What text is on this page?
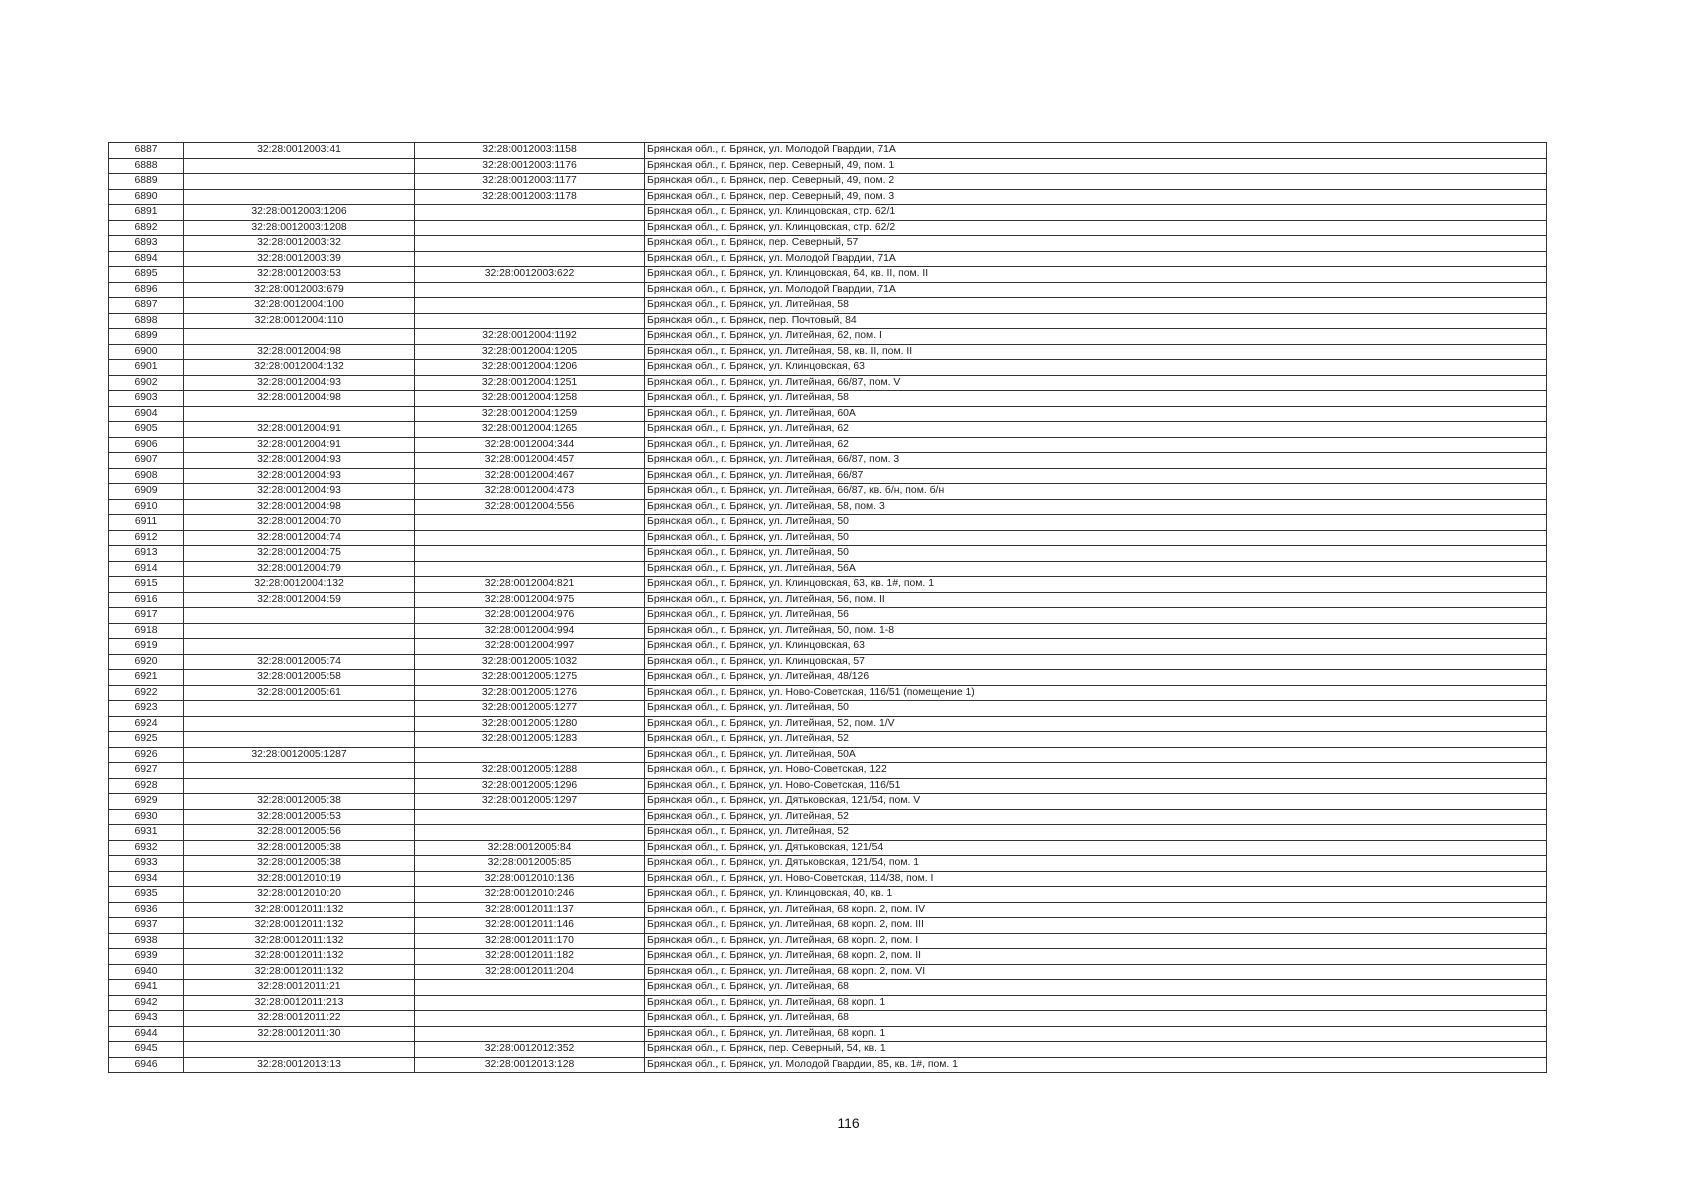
6887	32:28:0012003:41	32:28:0012003:1158	Брянская обл., г. Брянск, ул. Молодой Гвардии, 71А
6888		32:28:0012003:1176	Брянская обл., г. Брянск, пер. Северный, 49, пом. 1
6889		32:28:0012003:1177	Брянская обл., г. Брянск, пер. Северный, 49, пом. 2
6890		32:28:0012003:1178	Брянская обл., г. Брянск, пер. Северный, 49, пом. 3
6891	32:28:0012003:1206		Брянская обл., г. Брянск, ул. Клинцовская, стр. 62/1
6892	32:28:0012003:1208		Брянская обл., г. Брянск, ул. Клинцовская, стр. 62/2
6893	32:28:0012003:32		Брянская обл., г. Брянск, пер. Северный, 57
6894	32:28:0012003:39		Брянская обл., г. Брянск, ул. Молодой Гвардии, 71А
6895	32:28:0012003:53	32:28:0012003:622	Брянская обл., г. Брянск, ул. Клинцовская, 64, кв. II, пом. II
6896	32:28:0012003:679		Брянская обл., г. Брянск, ул. Молодой Гвардии, 71А
6897	32:28:0012004:100		Брянская обл., г. Брянск, ул. Литейная, 58
6898	32:28:0012004:110		Брянская обл., г. Брянск, пер. Почтовый, 84
6899		32:28:0012004:1192	Брянская обл., г. Брянск, ул. Литейная, 62, пом. I
6900	32:28:0012004:98	32:28:0012004:1205	Брянская обл., г. Брянск, ул. Литейная, 58, кв. II, пом. II
6901	32:28:0012004:132	32:28:0012004:1206	Брянская обл., г. Брянск, ул. Клинцовская, 63
6902	32:28:0012004:93	32:28:0012004:1251	Брянская обл., г. Брянск, ул. Литейная, 66/87, пом. V
6903	32:28:0012004:98	32:28:0012004:1258	Брянская обл., г. Брянск, ул. Литейная, 58
6904		32:28:0012004:1259	Брянская обл., г. Брянск, ул. Литейная, 60А
6905	32:28:0012004:91	32:28:0012004:1265	Брянская обл., г. Брянск, ул. Литейная, 62
6906	32:28:0012004:91	32:28:0012004:344	Брянская обл., г. Брянск, ул. Литейная, 62
6907	32:28:0012004:93	32:28:0012004:457	Брянская обл., г. Брянск, ул. Литейная, 66/87, пом. 3
6908	32:28:0012004:93	32:28:0012004:467	Брянская обл., г. Брянск, ул. Литейная, 66/87
6909	32:28:0012004:93	32:28:0012004:473	Брянская обл., г. Брянск, ул. Литейная, 66/87, кв. б/н, пом. б/н
6910	32:28:0012004:98	32:28:0012004:556	Брянская обл., г. Брянск, ул. Литейная, 58, пом. 3
6911	32:28:0012004:70		Брянская обл., г. Брянск, ул. Литейная, 50
6912	32:28:0012004:74		Брянская обл., г. Брянск, ул. Литейная, 50
6913	32:28:0012004:75		Брянская обл., г. Брянск, ул. Литейная, 50
6914	32:28:0012004:79		Брянская обл., г. Брянск, ул. Литейная, 56А
6915	32:28:0012004:132	32:28:0012004:821	Брянская обл., г. Брянск, ул. Клинцовская, 63, кв. 1#, пом. 1
6916	32:28:0012004:59	32:28:0012004:975	Брянская обл., г. Брянск, ул. Литейная, 56, пом. II
6917		32:28:0012004:976	Брянская обл., г. Брянск, ул. Литейная, 56
6918		32:28:0012004:994	Брянская обл., г. Брянск, ул. Литейная, 50, пом. 1-8
6919		32:28:0012004:997	Брянская обл., г. Брянск, ул. Клинцовская, 63
6920	32:28:0012005:74	32:28:0012005:1032	Брянская обл., г. Брянск, ул. Клинцовская, 57
6921	32:28:0012005:58	32:28:0012005:1275	Брянская обл., г. Брянск, ул. Литейная, 48/126
6922	32:28:0012005:61	32:28:0012005:1276	Брянская обл., г. Брянск, ул. Ново-Советская, 116/51 (помещение 1)
6923		32:28:0012005:1277	Брянская обл., г. Брянск, ул. Литейная, 50
6924		32:28:0012005:1280	Брянская обл., г. Брянск, ул. Литейная, 52, пом. 1/V
6925		32:28:0012005:1283	Брянская обл., г. Брянск, ул. Литейная, 52
6926	32:28:0012005:1287		Брянская обл., г. Брянск, ул. Литейная, 50А
6927		32:28:0012005:1288	Брянская обл., г. Брянск, ул. Ново-Советская, 122
6928		32:28:0012005:1296	Брянская обл., г. Брянск, ул. Ново-Советская, 116/51
6929	32:28:0012005:38	32:28:0012005:1297	Брянская обл., г. Брянск, ул. Дятьковская, 121/54, пом. V
6930	32:28:0012005:53		Брянская обл., г. Брянск, ул. Литейная, 52
6931	32:28:0012005:56		Брянская обл., г. Брянск, ул. Литейная, 52
6932	32:28:0012005:38	32:28:0012005:84	Брянская обл., г. Брянск, ул. Дятьковская, 121/54
6933	32:28:0012005:38	32:28:0012005:85	Брянская обл., г. Брянск, ул. Дятьковская, 121/54, пом. 1
6934	32:28:0012010:19	32:28:0012010:136	Брянская обл., г. Брянск, ул. Ново-Советская, 114/38, пом. I
6935	32:28:0012010:20	32:28:0012010:246	Брянская обл., г. Брянск, ул. Клинцовская, 40, кв. 1
6936	32:28:0012011:132	32:28:0012011:137	Брянская обл., г. Брянск, ул. Литейная, 68 корп. 2, пом. IV
6937	32:28:0012011:132	32:28:0012011:146	Брянская обл., г. Брянск, ул. Литейная, 68 корп. 2, пом. III
6938	32:28:0012011:132	32:28:0012011:170	Брянская обл., г. Брянск, ул. Литейная, 68 корп. 2, пом. I
6939	32:28:0012011:132	32:28:0012011:182	Брянская обл., г. Брянск, ул. Литейная, 68 корп. 2, пом. II
6940	32:28:0012011:132	32:28:0012011:204	Брянская обл., г. Брянск, ул. Литейная, 68 корп. 2, пом. VI
6941	32:28:0012011:21		Брянская обл., г. Брянск, ул. Литейная, 68
6942	32:28:0012011:213		Брянская обл., г. Брянск, ул. Литейная, 68 корп. 1
6943	32:28:0012011:22		Брянская обл., г. Брянск, ул. Литейная, 68
6944	32:28:0012011:30		Брянская обл., г. Брянск, ул. Литейная, 68 корп. 1
6945		32:28:0012012:352	Брянская обл., г. Брянск, пер. Северный, 54, кв. 1
6946	32:28:0012013:13	32:28:0012013:128	Брянская обл., г. Брянск, ул. Молодой Гвардии, 85, кв. 1#, пом. 1
116
